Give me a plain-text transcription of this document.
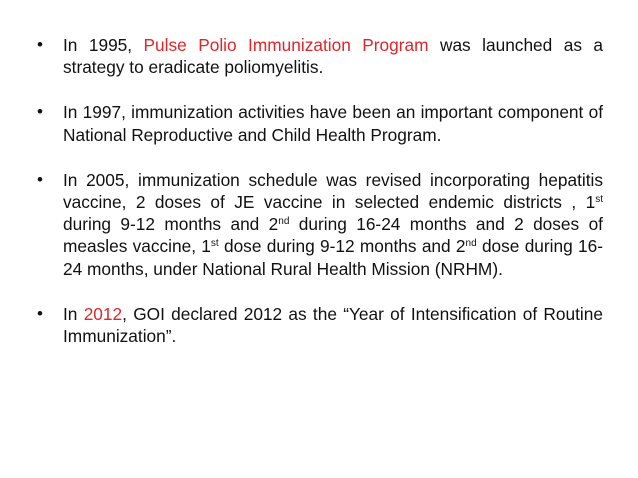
• In 1995, Pulse Polio Immunization Program was launched as a strategy to eradicate poliomyelitis.
• In 1997, immunization activities have been an important component of National Reproductive and Child Health Program.
• In 2005, immunization schedule was revised incorporating hepatitis vaccine, 2 doses of JE vaccine in selected endemic districts , 1st during 9-12 months and 2nd during 16-24 months and 2 doses of measles vaccine, 1st dose during 9-12 months and 2nd dose during 16-24 months, under National Rural Health Mission (NRHM).
• In 2012, GOI declared 2012 as the “Year of Intensification of Routine Immunization”.
